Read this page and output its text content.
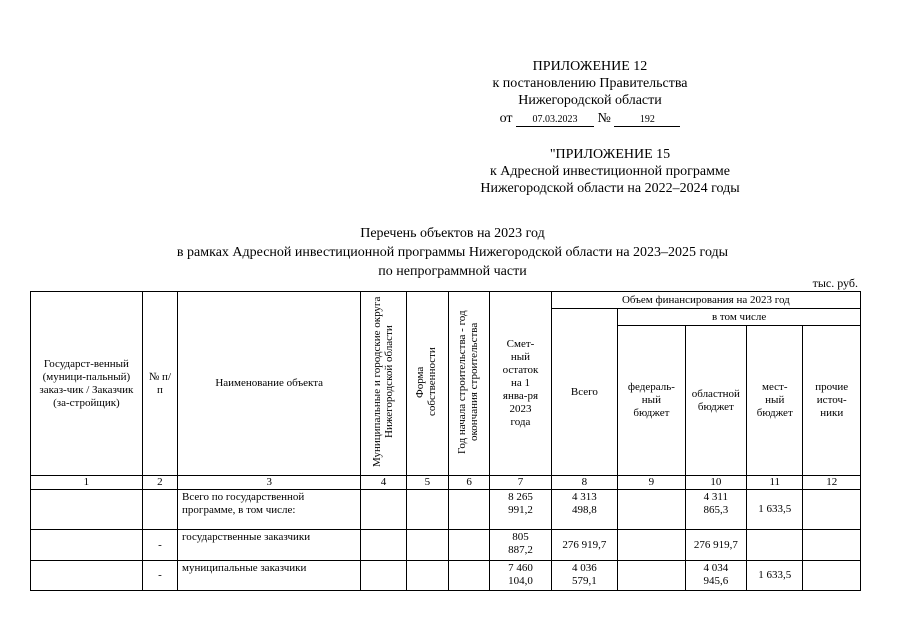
ПРИЛОЖЕНИЕ 12
к постановлению Правительства
Нижегородской области
от 07.03.2023 №	192
"ПРИЛОЖЕНИЕ 15
к Адресной инвестиционной программе
Нижегородской области на 2022–2024 годы
Перечень объектов на 2023 год
в рамках Адресной инвестиционной программы Нижегородской области на 2023–2025 годы
по непрограммной части
тыс. руб.
Государст-венный (муници-пальный) заказ-чик / Заказчик (за-стройщик)	№ п/п	Наименование объекта	Муниципальные и городские округа Нижегородской области	Форма собственности	Год начала строительства - год окончания строительства	Смет-ный остаток на 1 янва-ря 2023 года	Объем финансирования на 2023 год				
							Всего	в том числе			

								федераль-ный бюджет	областной бюджет	мест-ный бюджет	прочие источ-ники

1	2	3	4	5	6	7	8	9	10	11	12

		Всего по государственной программе, в том числе:				8 265 991,2	4 313 498,8		4 311 865,3	1 633,5	
	-	государственные заказчики				805 887,2	276 919,7		276 919,7		
	-	муниципальные заказчики				7 460 104,0	4 036 579,1		4 034 945,6	1 633,5	
